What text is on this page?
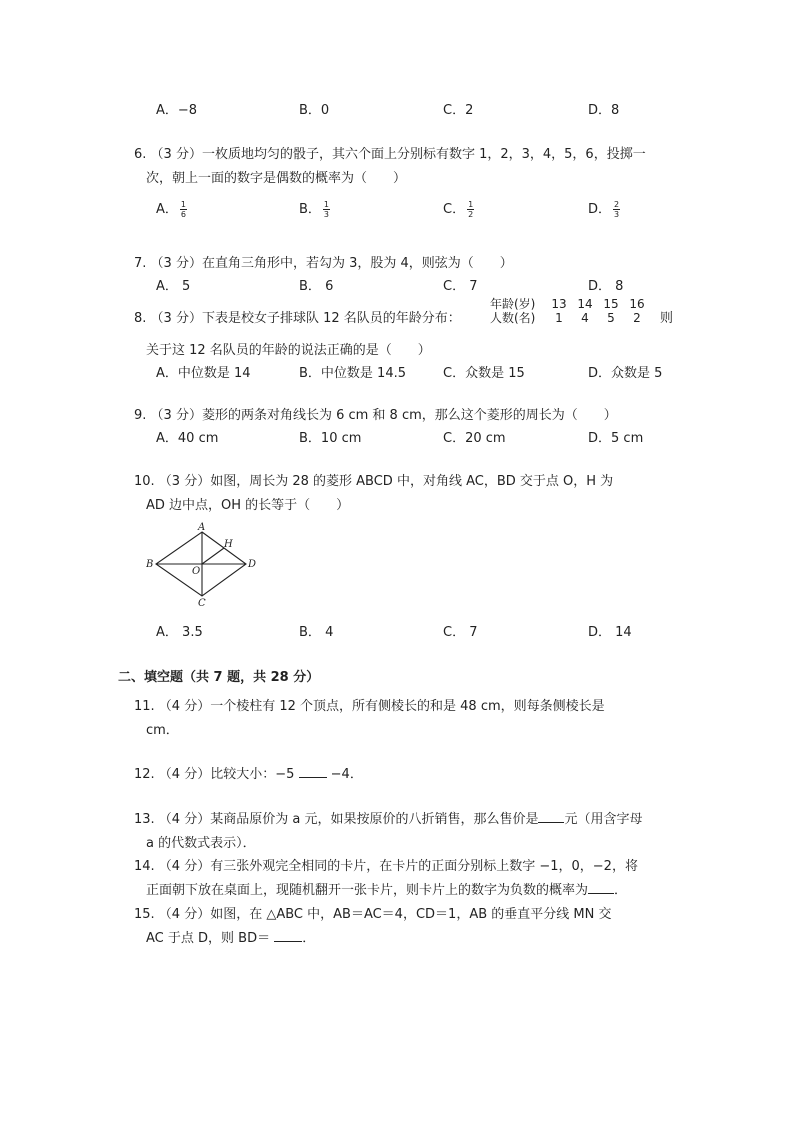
A．−8	B．0	C．2	D．8
6. （3 分）一枚质地均匀的骰子，其六个面上分别标有数字 1，2，3，4，5，6，投掷一
次，朝上一面的数字是偶数的概率为（　　）
A． $\frac{1}{6}$	B． $\frac{1}{3}$	C． $\frac{1}{2}$	D． $\frac{2}{3}$
7. （3 分）在直角三角形中，若勾为 3，股为 4，则弦为（　　）
A． 5	B． 6	C． 7	D． 8
8. （3 分）下表是校女子排球队 12 名队员的年龄分布：
年龄(岁)	13 14 15 16
人数(名)	1	4	5	2	则
关于这 12 名队员的年龄的说法正确的是（　　）
A．中位数是 14	B．中位数是 14.5	C．众数是 15	D．众数是 5
9. （3 分）菱形的两条对角线长为 6 cm 和 8 cm，那么这个菱形的周长为（　　）
A．40 cm	B．10 cm	C．20 cm	D．5 cm
10. （3 分）如图，周长为 28 的菱形 ABCD 中，对角线 AC，BD 交于点 O，H 为
AD 边中点，OH 的长等于（　　）
A
B
C
D
O
H
A． 3.5	B． 4	C． 7	D． 14
二、填空题（共 7 题，共 28 分）
11. （4 分）一个棱柱有 12 个顶点，所有侧棱长的和是 48 cm，则每条侧棱长是
cm．
12. （4 分）比较大小：−5	−4．
13. （4 分）某商品原价为 a 元，如果按原价的八折销售，那么售价是 元（用含字母
a 的代数式表示）．
14. （4 分）有三张外观完全相同的卡片，在卡片的正面分别标上数字 −1，0，−2，将
正面朝下放在桌面上，现随机翻开一张卡片，则卡片上的数字为负数的概率为 ．
15. （4 分）如图，在 △ABC 中，AB＝AC＝4，CD＝1，AB 的垂直平分线 MN 交
AC 于点 D，则 BD＝ ．
